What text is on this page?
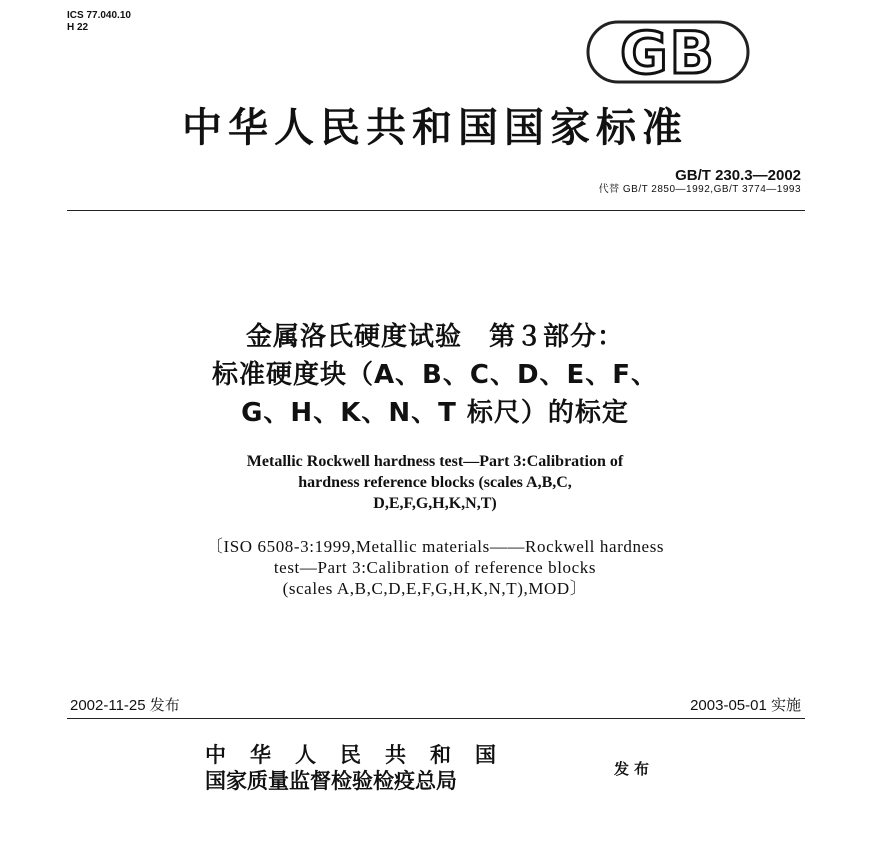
ICS 77.040.10
H 22	GB
中华人民共和国国家标准
GB/T 230.3—2002
代替 GB/T 2850—1992,GB/T 3774—1993
金属洛氏硬度试验　第３部分：
标准硬度块（A、B、C、D、E、F、
G、H、K、N、T 标尺）的标定
Metallic Rockwell hardness test—Part 3:Calibration of
hardness reference blocks (scales A,B,C,
D,E,F,G,H,K,N,T)
〔ISO 6508-3:1999,Metallic materials——Rockwell hardness
test—Part 3:Calibration of reference blocks
(scales A,B,C,D,E,F,G,H,K,N,T),MOD〕
2002-11-25 发布	2003-05-01 实施
中华人民共和国
国家质量监督检验检疫总局	发布
